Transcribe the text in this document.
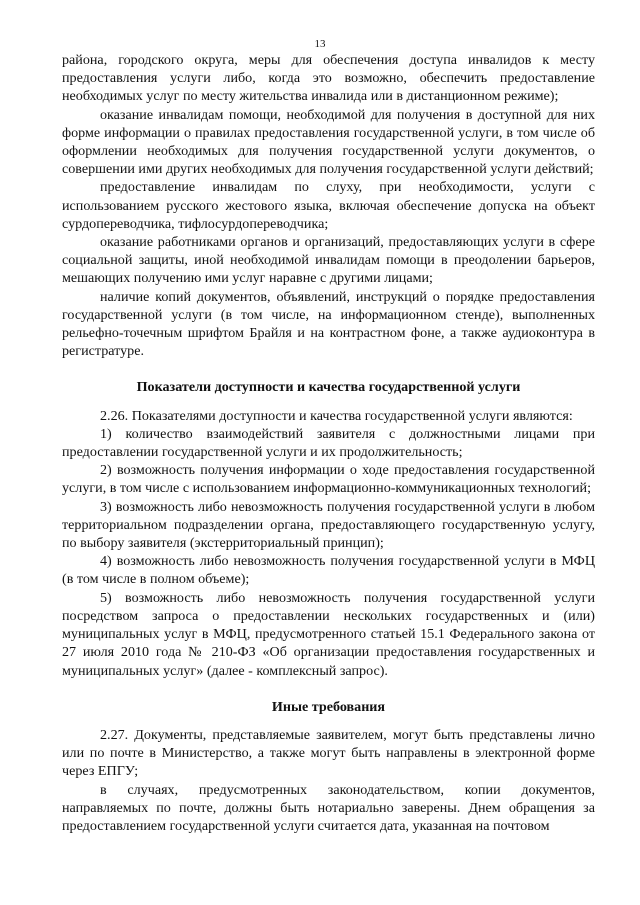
13

района, городского округа, меры для обеспечения доступа инвалидов к месту предоставления услуги либо, когда это возможно, обеспечить предоставление необходимых услуг по месту жительства инвалида или в дистанционном режиме);

оказание инвалидам помощи, необходимой для получения в доступной для них форме информации о правилах предоставления государственной услуги, в том числе об оформлении необходимых для получения государственной услуги документов, о совершении ими других необходимых для получения государственной услуги действий;

предоставление инвалидам по слуху, при необходимости, услуги с использованием русского жестового языка, включая обеспечение допуска на объект сурдопереводчика, тифлосурдопереводчика;

оказание работниками органов и организаций, предоставляющих услуги в сфере социальной защиты, иной необходимой инвалидам помощи в преодолении барьеров, мешающих получению ими услуг наравне с другими лицами;

наличие копий документов, объявлений, инструкций о порядке предоставления государственной услуги (в том числе, на информационном стенде), выполненных рельефно-точечным шрифтом Брайля и на контрастном фоне, а также аудиоконтура в регистратуре.

Показатели доступности и качества государственной услуги

2.26. Показателями доступности и качества государственной услуги являются:

1) количество взаимодействий заявителя с должностными лицами при предоставлении государственной услуги и их продолжительность;

2) возможность получения информации о ходе предоставления государственной услуги, в том числе с использованием информационно-коммуникационных технологий;

3) возможность либо невозможность получения государственной услуги в любом территориальном подразделении органа, предоставляющего государственную услугу, по выбору заявителя (экстерриториальный принцип);

4) возможность либо невозможность получения государственной услуги в МФЦ (в том числе в полном объеме);

5) возможность либо невозможность получения государственной услуги посредством запроса о предоставлении нескольких государственных и (или) муниципальных услуг в МФЦ, предусмотренного статьей 15.1 Федерального закона от 27 июля 2010 года № 210-ФЗ «Об организации предоставления государственных и муниципальных услуг» (далее - комплексный запрос).

Иные требования

2.27. Документы, представляемые заявителем, могут быть представлены лично или по почте в Министерство, а также могут быть направлены в электронной форме через ЕПГУ;

в случаях, предусмотренных законодательством, копии документов, направляемых по почте, должны быть нотариально заверены. Днем обращения за предоставлением государственной услуги считается дата, указанная на почтовом
